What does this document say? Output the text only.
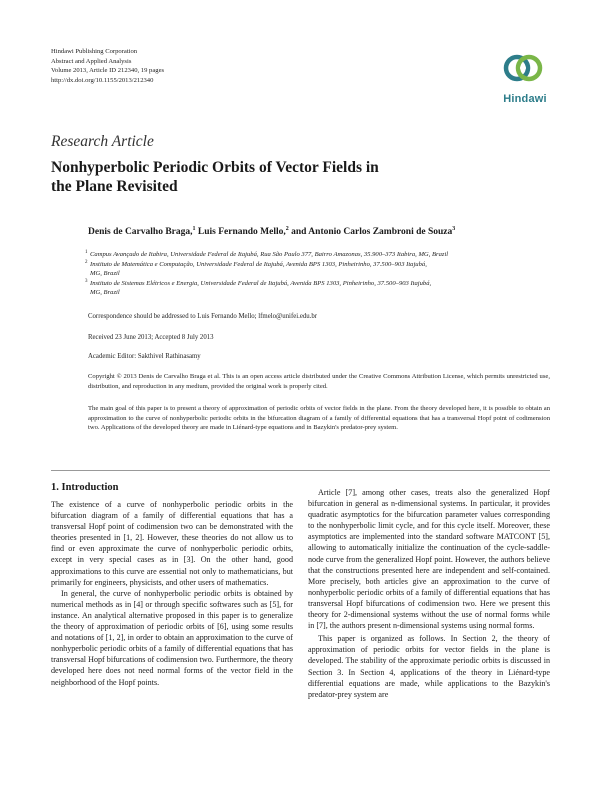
Hindawi Publishing Corporation
Abstract and Applied Analysis
Volume 2013, Article ID 212340, 19 pages
http://dx.doi.org/10.1155/2013/212340
Hindawi
Research Article
Nonhyperbolic Periodic Orbits of Vector Fields in
the Plane Revisited
Denis de Carvalho Braga,$^1$ Luis Fernando Mello,$^2$ and Antonio Carlos Zambroni de Souza$^3$
1 Campus Avançado de Itabira, Universidade Federal de Itajubá, Rua São Paulo 377, Bairro Amazonas, 35.900–373 Itabira, MG, Brazil
2 Instituto de Matemática e Computação, Universidade Federal de Itajubá, Avenida BPS 1303, Pinheirinho, 37.500–903 Itajubá,
MG, Brazil
3 Instituto de Sistemas Elétricos e Energia, Universidade Federal de Itajubá, Avenida BPS 1303, Pinheirinho, 37.500–903 Itajubá,
MG, Brazil
Correspondence should be addressed to Luis Fernando Mello; lfmelo@unifei.edu.br
Received 23 June 2013; Accepted 8 July 2013
Academic Editor: Sakthivel Rathinasamy
Copyright © 2013 Denis de Carvalho Braga et al. This is an open access article distributed under the Creative Commons Attribution License, which permits unrestricted use, distribution, and reproduction in any medium, provided the original work is properly cited.
The main goal of this paper is to present a theory of approximation of periodic orbits of vector fields in the plane. From the theory developed here, it is possible to obtain an approximation to the curve of nonhyperbolic periodic orbits in the bifurcation diagram of a family of differential equations that has a transversal Hopf point of codimension two. Applications of the developed theory are made in Liénard-type equations and in Bazykin's predator-prey system.
1. Introduction

The existence of a curve of nonhyperbolic periodic orbits in the bifurcation diagram of a family of differential equations that has a transversal Hopf point of codimension two can be demonstrated with the theories presented in [1, 2]. However, these theories do not allow us to find or even approximate the curve of nonhyperbolic periodic orbits, except in very special cases as in [3]. On the other hand, good approximations to this curve are essential not only to mathematicians, but primarily for engineers, physicists, and other users of mathematics.

In general, the curve of nonhyperbolic periodic orbits is obtained by numerical methods as in [4] or through specific softwares such as [5], for instance. An analytical alternative proposed in this paper is to generalize the theory of approximation of periodic orbits of [6], using some results and notations of [1, 2], in order to obtain an approximation to the curve of nonhyperbolic periodic orbits of a family of differential equations that has transversal Hopf bifurcations of codimension two. Furthermore, the theory developed here does not need normal forms of the vector field in the neighborhood of the Hopf points.

Article [7], among other cases, treats also the generalized Hopf bifurcation in general as n-dimensional systems. In particular, it provides quadratic asymptotics for the bifurcation parameter values corresponding to the nonhyperbolic limit cycle, and for this cycle itself. Moreover, these asymptotics are implemented into the standard software MATCONT [5], allowing to automatically initialize the continuation of the cycle-saddle-node curve from the generalized Hopf point. However, the authors believe that the constructions presented here are independent and self-contained. More precisely, both articles give an approximation to the curve of nonhyperbolic periodic orbits of a family of differential equations that has transversal Hopf bifurcations of codimension two. Here we present this theory for 2-dimensional systems without the use of normal forms while in [7], the authors present n-dimensional systems using normal forms.

This paper is organized as follows. In Section 2, the theory of approximation of periodic orbits for vector fields in the plane is developed. The stability of the approximate periodic orbits is discussed in Section 3. In Section 4, applications of the theory in Liénard-type differential equations are made, while applications to the Bazykin's predator-prey system are
